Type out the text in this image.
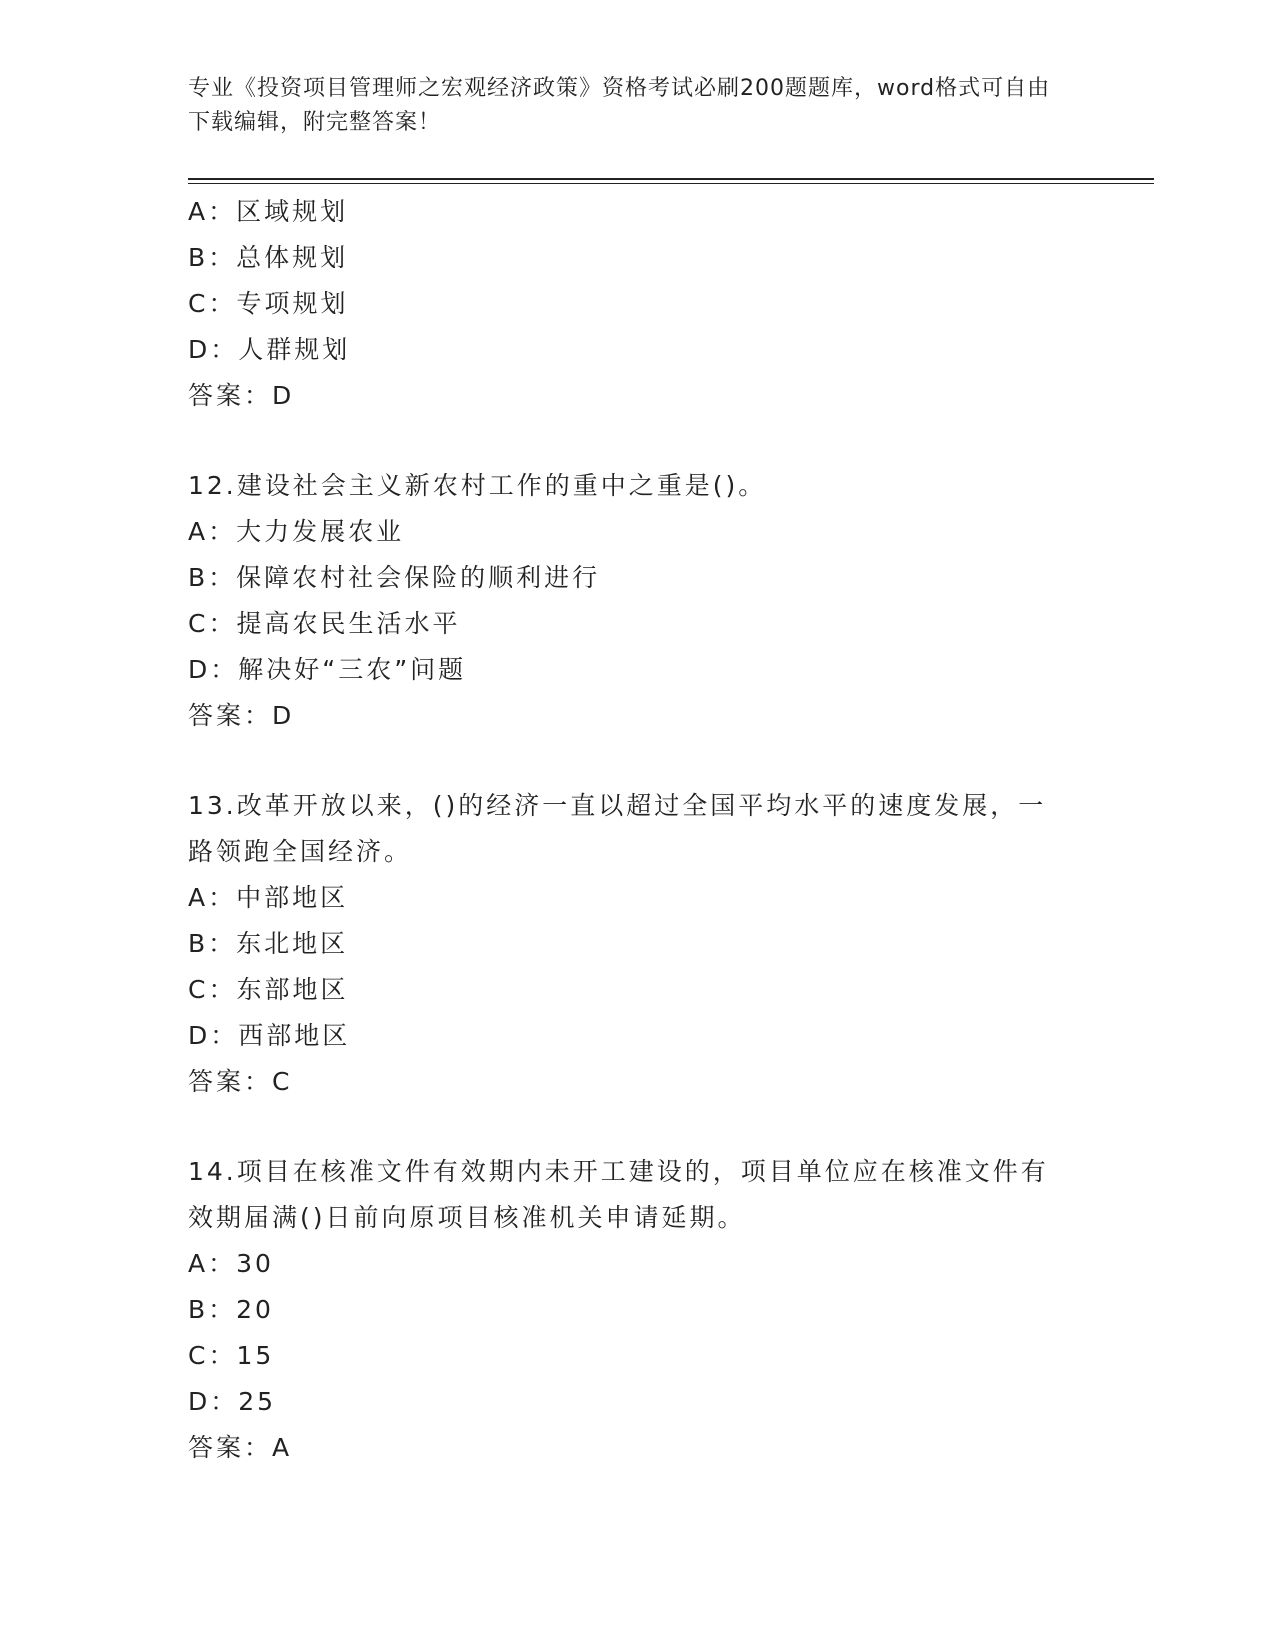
专业《投资项目管理师之宏观经济政策》资格考试必刷200题题库，word格式可自由下载编辑，附完整答案！
A：区域规划
B：总体规划
C：专项规划
D：人群规划
答案：D
12.建设社会主义新农村工作的重中之重是()。
A：大力发展农业
B：保障农村社会保险的顺利进行
C：提高农民生活水平
D：解决好“三农”问题
答案：D
13.改革开放以来，()的经济一直以超过全国平均水平的速度发展，一路领跑全国经济。
A：中部地区
B：东北地区
C：东部地区
D：西部地区
答案：C
14.项目在核准文件有效期内未开工建设的，项目单位应在核准文件有效期届满()日前向原项目核准机关申请延期。
A：30
B：20
C：15
D：25
答案：A
